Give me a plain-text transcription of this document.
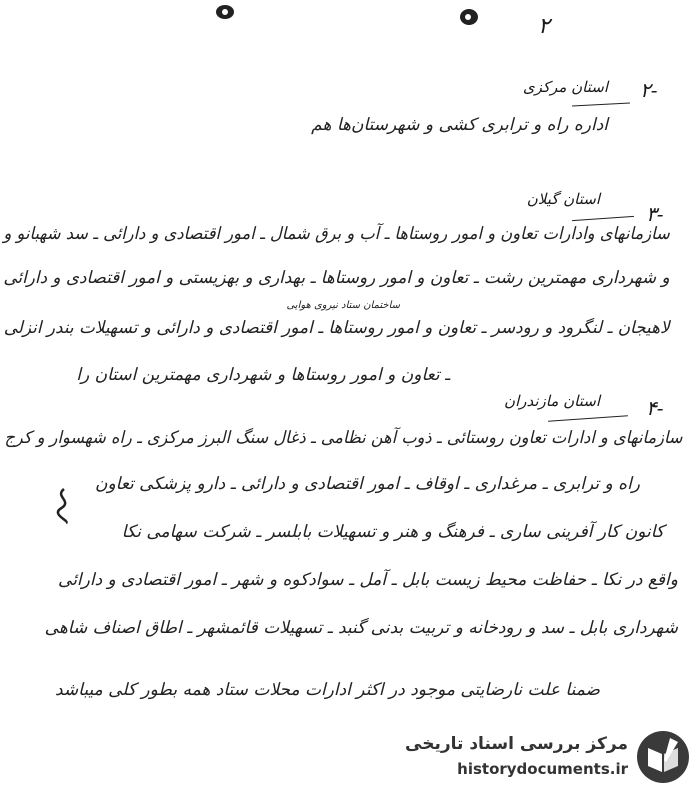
۲
۲-
استان مرکزی
اداره راه و ترابری کشی و شهرستان‌ها هم
۳-
استان گیلان
سازمانهای وادارات تعاون و امور روستاها ـ آب و برق شمال ـ امور اقتصادی و دارائی ـ سد شهبانو و
و شهرداری مهمترین رشت ـ تعاون و امور روستاها ـ بهداری و بهزیستی و امور اقتصادی و دارائی
ساختمان ستاد نیروی هوایی
لاهیجان ـ لنگرود و رودسر ـ تعاون و امور روستاها ـ امور اقتصادی و دارائی و تسهیلات بندر انزلی
ـ تعاون و امور روستاها و شهرداری مهمترین استان را
۴-
استان مازندران
سازمانهای و ادارات تعاون روستائی ـ ذوب آهن نظامی ـ ذغال سنگ البرز مرکزی ـ راه شهسوار و کرج
راه و ترابری ـ مرغداری ـ اوقاف ـ امور اقتصادی و دارائی ـ دارو پزشکی تعاون
کانون کار آفرینی ساری ـ فرهنگ و هنر و تسهیلات بابلسر ـ شرکت سهامی نکا
واقع در نکا ـ حفاظت محیط زیست بابل ـ آمل ـ سوادکوه و شهر ـ امور اقتصادی و دارائی
شهرداری بابل ـ سد و رودخانه و تربیت بدنی گنبد ـ تسهیلات قائمشهر ـ اطاق اصناف شاهی
ضمنا علت نارضایتی موجود در اکثر ادارات محلات ستاد همه بطور کلی میباشد
مرکز بررسی اسناد تاریخی
historydocuments.ir
